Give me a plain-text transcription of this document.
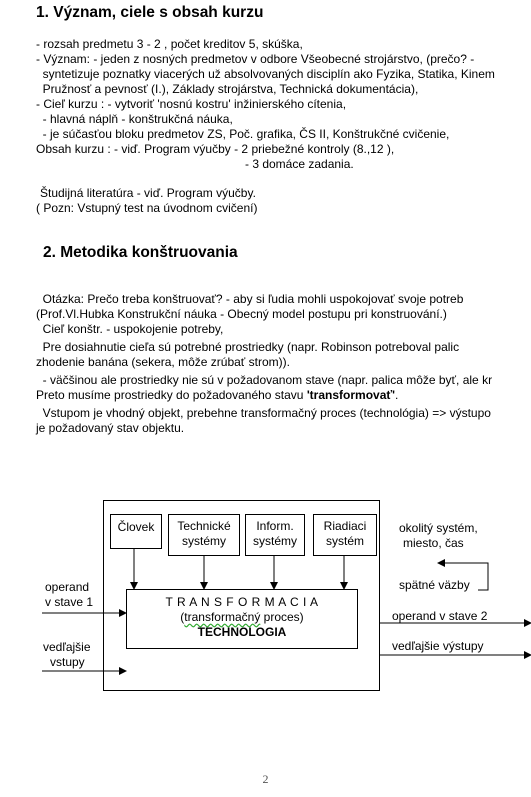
1. Význam, ciele s obsah kurzu
- rozsah predmetu 3 - 2 , počet kreditov 5, skúška,
- Význam: - jeden z nosných predmetov v odbore Všeobecné strojárstvo, (prečo? -
syntetizuje poznatky viacerých už absolvovaných disciplín ako Fyzika, Statika, Kinem
Pružnosť a pevnosť (I.), Základy strojárstva, Technická dokumentácia),
- Cieľ kurzu : - vytvoriť 'nosnú kostru' inžinierského cítenia,
- hlavná náplň - konštrukčná náuka,
- je súčasťou bloku predmetov ZS, Poč. grafika, ČS II, Konštrukčné cvičenie,
Obsah kurzu : - viď. Program výučby - 2 priebežné kontroly (8.,12 ),
- 3 domáce zadania.
Študijná literatúra - viď. Program výučby.
( Pozn: Vstupný test na úvodnom cvičení)
2. Metodika konštruovania
Otázka: Prečo treba konštruovať? - aby si ľudia mohli uspokojovať svoje potreb
(Prof.Vl.Hubka Konstrukční náuka - Obecný model postupu pri konstruování.)
Cieľ konštr. - uspokojenie potreby,
Pre dosiahnutie cieľa sú potrebné prostriedky (napr. Robinson potreboval palic
zhodenie banána (sekera, môže zrúbať strom)).
- väčšinou ale prostriedky nie sú v požadovanom stave (napr. palica môže byť, ale kr
Preto musíme prostriedky do požadovaného stavu 'transformovať'.
Vstupom je vhodný objekt, prebehne transformačný proces (technológia) => výstupo
je požadovaný stav objektu.
Človek	Technické systémy
Inform. systémy
Riadiaci systém
T R A N S F O R M A C I A
(transformačný proces)
TECHNOLOGIA
okolitý systém,
miesto, čas
spätné väzby
operand
v stave 1
vedľajšie
vstupy
operand v stave 2
vedľajšie výstupy
2
